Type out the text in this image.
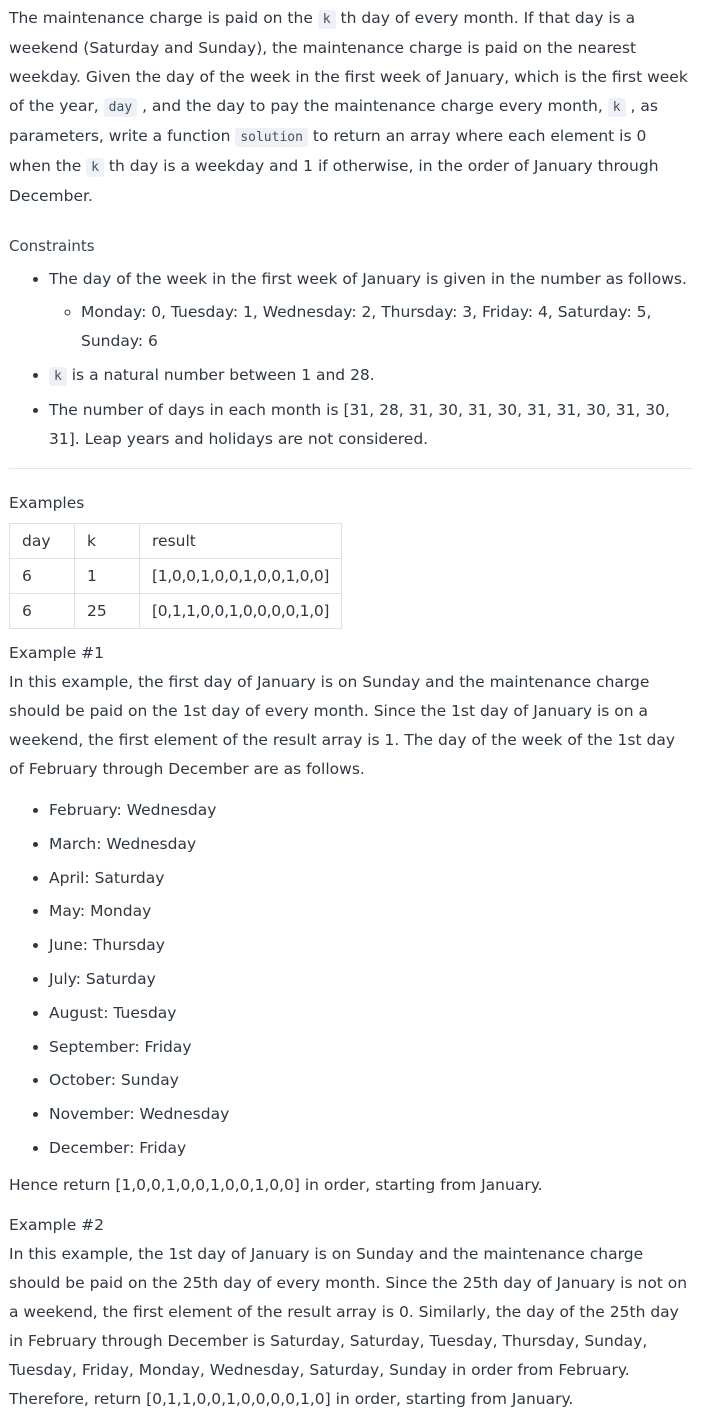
The maintenance charge is paid on the k th day of every month. If that day is a weekend (Saturday and Sunday), the maintenance charge is paid on the nearest weekday. Given the day of the week in the first week of January, which is the first week of the year, day , and the day to pay the maintenance charge every month, k , as parameters, write a function solution to return an array where each element is 0 when the k th day is a weekday and 1 if otherwise, in the order of January through December.

Constraints
• The day of the week in the first week of January is given in the number as follows.
◦ Monday: 0, Tuesday: 1, Wednesday: 2, Thursday: 3, Friday: 4, Saturday: 5, Sunday: 6
• k is a natural number between 1 and 28.
• The number of days in each month is [31, 28, 31, 30, 31, 30, 31, 31, 30, 31, 30, 31]. Leap years and holidays are not considered.
Examples
day	k	result
6	1	[1,0,0,1,0,0,1,0,0,1,0,0]
6	25	[0,1,1,0,0,1,0,0,0,0,1,0]
Example #1

In this example, the first day of January is on Sunday and the maintenance charge should be paid on the 1st day of every month. Since the 1st day of January is on a weekend, the first element of the result array is 1. The day of the week of the 1st day of February through December are as follows.

• February: Wednesday
• March: Wednesday
• April: Saturday
• May: Monday
• June: Thursday
• July: Saturday
• August: Tuesday
• September: Friday
• October: Sunday
• November: Wednesday
• December: Friday

Hence return [1,0,0,1,0,0,1,0,0,1,0,0] in order, starting from January.

Example #2

In this example, the 1st day of January is on Sunday and the maintenance charge should be paid on the 25th day of every month. Since the 25th day of January is not on a weekend, the first element of the result array is 0. Similarly, the day of the 25th day in February through December is Saturday, Saturday, Tuesday, Thursday, Sunday, Tuesday, Friday, Monday, Wednesday, Saturday, Sunday in order from February. Therefore, return [0,1,1,0,0,1,0,0,0,0,1,0] in order, starting from January.
